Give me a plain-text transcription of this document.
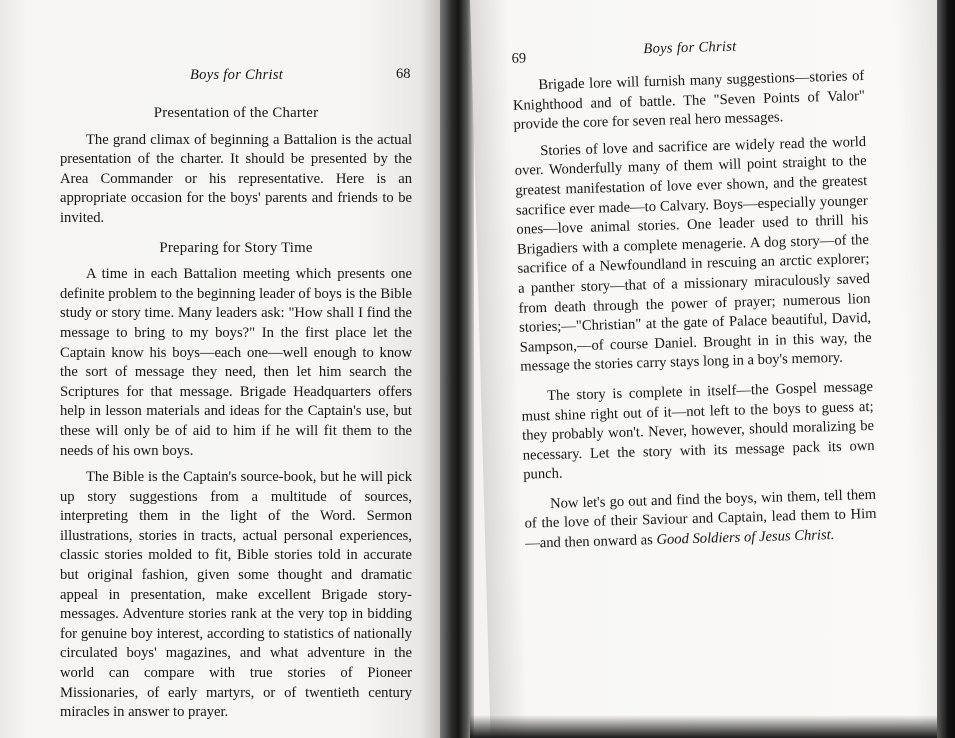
Boys for Christ	68
Presentation of the Charter

The grand climax of beginning a Battalion is the actual presentation of the charter. It should be presented by the Area Commander or his representative. Here is an appropriate occasion for the boys' parents and friends to be invited.

Preparing for Story Time

A time in each Battalion meeting which presents one definite problem to the beginning leader of boys is the Bible study or story time. Many leaders ask: "How shall I find the message to bring to my boys?" In the first place let the Captain know his boys—each one—well enough to know the sort of message they need, then let him search the Scriptures for that message. Brigade Headquarters offers help in lesson materials and ideas for the Captain's use, but these will only be of aid to him if he will fit them to the needs of his own boys.

The Bible is the Captain's source-book, but he will pick up story suggestions from a multitude of sources, interpreting them in the light of the Word. Sermon illustrations, stories in tracts, actual personal experiences, classic stories molded to fit, Bible stories told in accurate but original fashion, given some thought and dramatic appeal in presentation, make excellent Brigade story-messages. Adventure stories rank at the very top in bidding for genuine boy interest, according to statistics of nationally circulated boys' magazines, and what adventure in the world can compare with true stories of Pioneer Missionaries, of early martyrs, or of twentieth century miracles in answer to prayer.

69
Boys for Christ

Brigade lore will furnish many suggestions—stories of Knighthood and of battle. The "Seven Points of Valor" provide the core for seven real hero messages.

Stories of love and sacrifice are widely read the world over. Wonderfully many of them will point straight to the greatest manifestation of love ever shown, and the greatest sacrifice ever made—to Calvary. Boys—especially younger ones—love animal stories. One leader used to thrill his Brigadiers with a complete menagerie. A dog story—of the sacrifice of a Newfoundland in rescuing an arctic explorer; a panther story—that of a missionary miraculously saved from death through the power of prayer; numerous lion stories;—"Christian" at the gate of Palace beautiful, David, Sampson,—of course Daniel. Brought in in this way, the message the stories carry stays long in a boy's memory.

The story is complete in itself—the Gospel message must shine right out of it—not left to the boys to guess at; they probably won't. Never, however, should moralizing be necessary. Let the story with its message pack its own punch.

Now let's go out and find the boys, win them, tell them of the love of their Saviour and Captain, lead them to Him—and then onward as Good Soldiers of Jesus Christ.
